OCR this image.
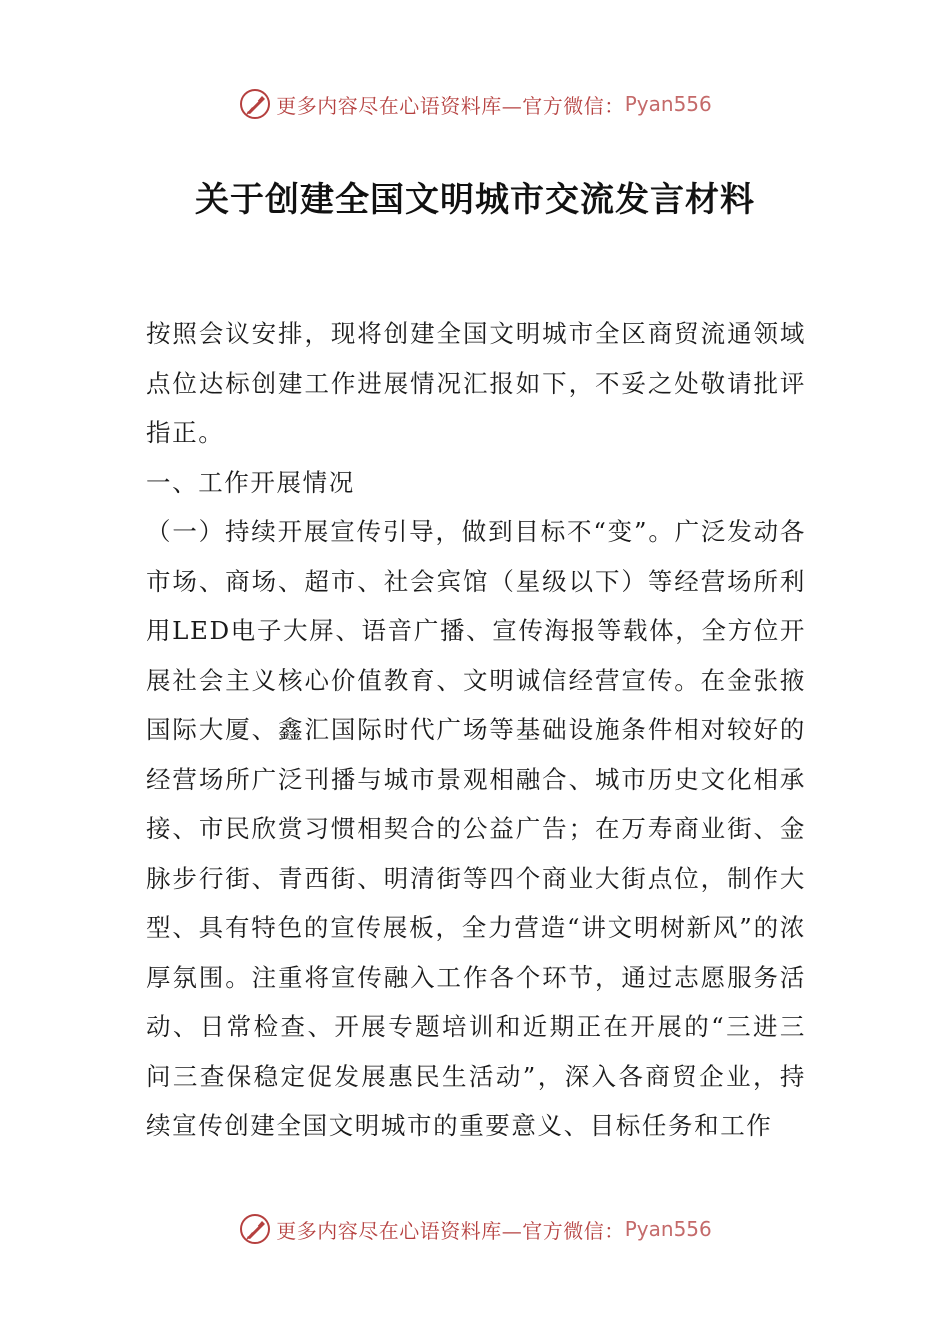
更多内容尽在心语资料库—官方微信： Pyan556
关于创建全国文明城市交流发言材料

按照会议安排，现将创建全国文明城市全区商贸流通领域点位达标创建工作进展情况汇报如下，不妥之处敬请批评指正。

一、工作开展情况

（一）持续开展宣传引导，做到目标不“变”。广泛发动各市场、商场、超市、社会宾馆（星级以下）等经营场所利用LED电子大屏、语音广播、宣传海报等载体，全方位开展社会主义核心价值教育、文明诚信经营宣传。在金张掖国际大厦、鑫汇国际时代广场等基础设施条件相对较好的经营场所广泛刊播与城市景观相融合、城市历史文化相承接、市民欣赏习惯相契合的公益广告；在万寿商业街、金脉步行街、青西街、明清街等四个商业大街点位，制作大型、具有特色的宣传展板，全力营造“讲文明树新风”的浓厚氛围。注重将宣传融入工作各个环节，通过志愿服务活动、日常检查、开展专题培训和近期正在开展的“三进三问三查保稳定促发展惠民生活动”，深入各商贸企业，持续宣传创建全国文明城市的重要意义、目标任务和工作

更多内容尽在心语资料库—官方微信： Pyan556
